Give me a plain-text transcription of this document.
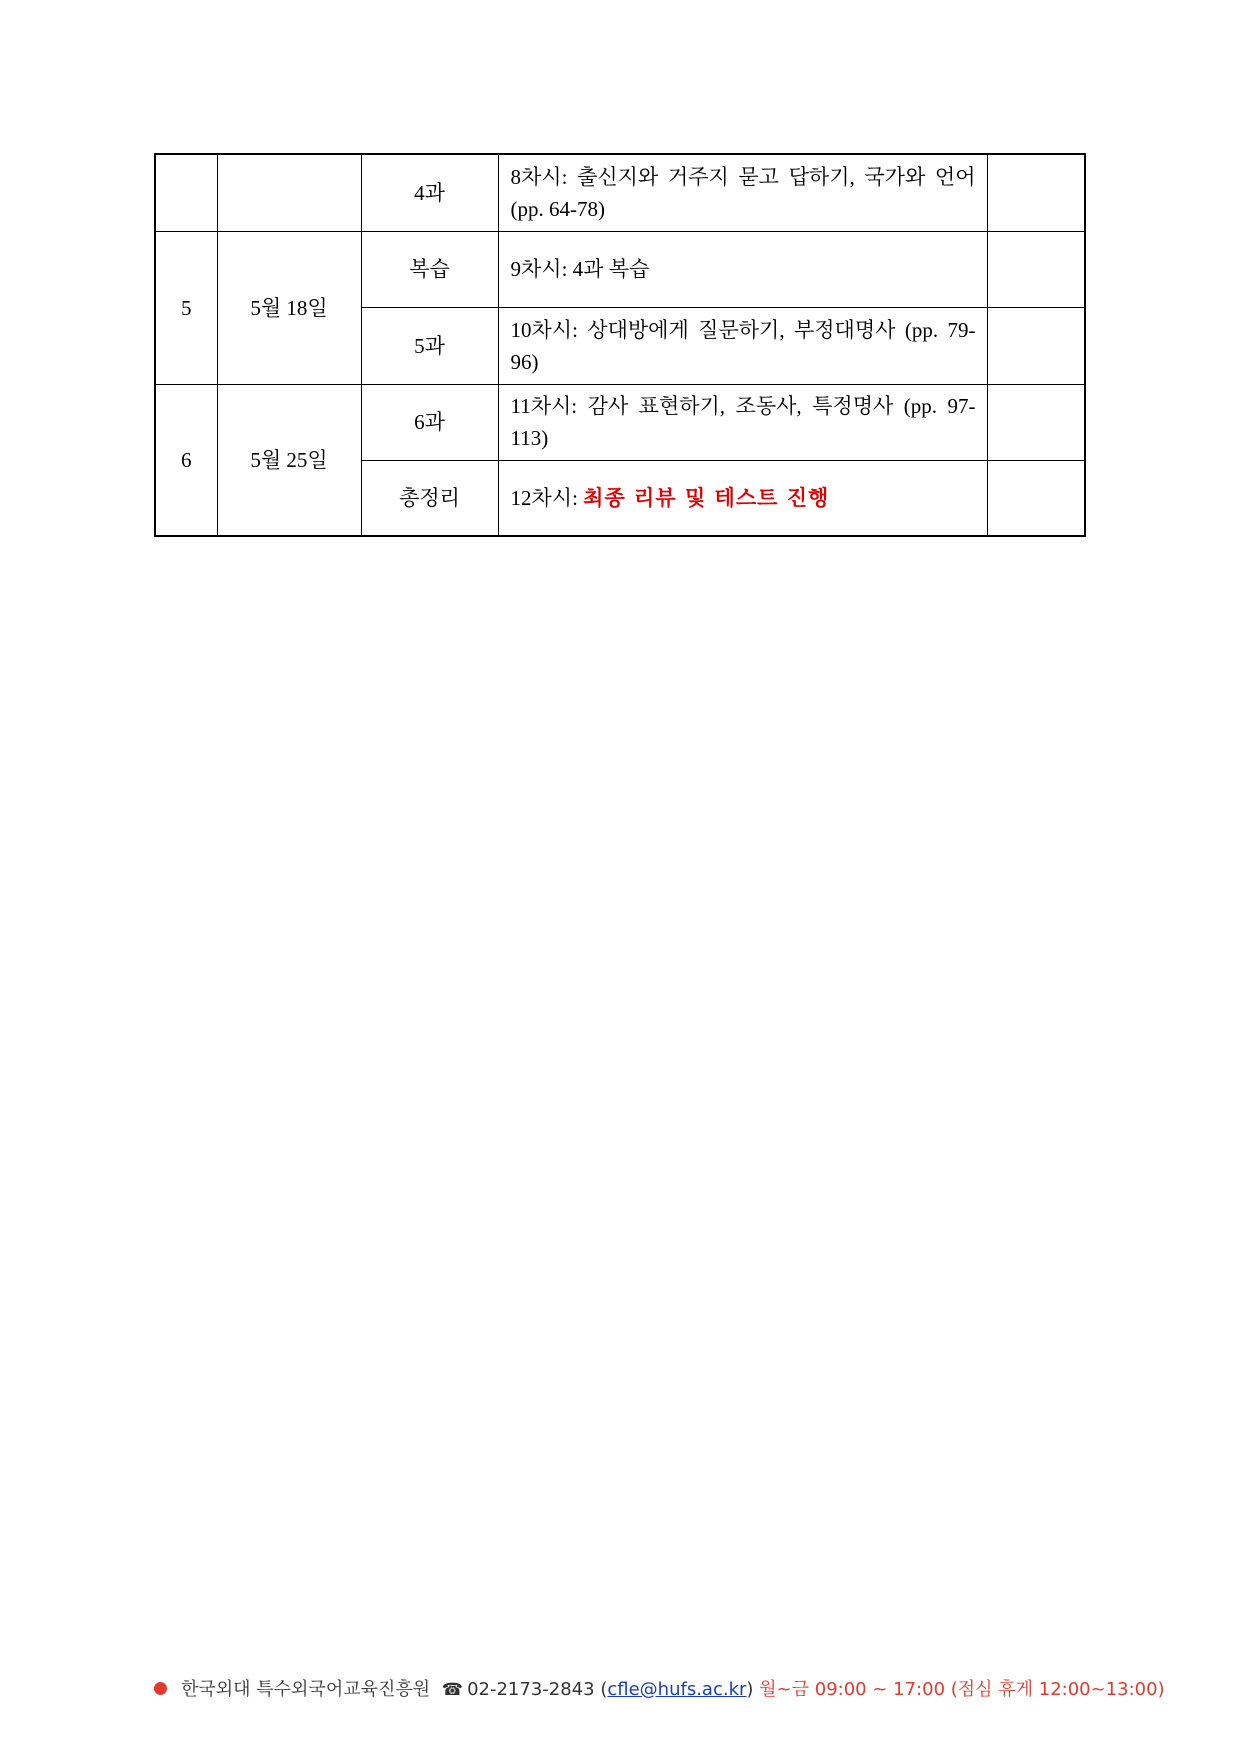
		4과	8차시: 출신지와 거주지 묻고 답하기, 국가와 언어 (pp. 64-78)	
5	5월 18일	복습	9차시: 4과 복습	
		5과	10차시: 상대방에게 질문하기, 부정대명사 (pp. 79-96)	
6	5월 25일	6과	11차시: 감사 표현하기, 조동사, 특정명사 (pp. 97-113)	
		총정리	12차시: 최종 리뷰 및 테스트 진행	
한국외대 특수외국어교육진흥원 ☎ 02-2173-2843 (cfle@hufs.ac.kr) 월~금 09:00 ~ 17:00 (점심 휴게 12:00~13:00)
